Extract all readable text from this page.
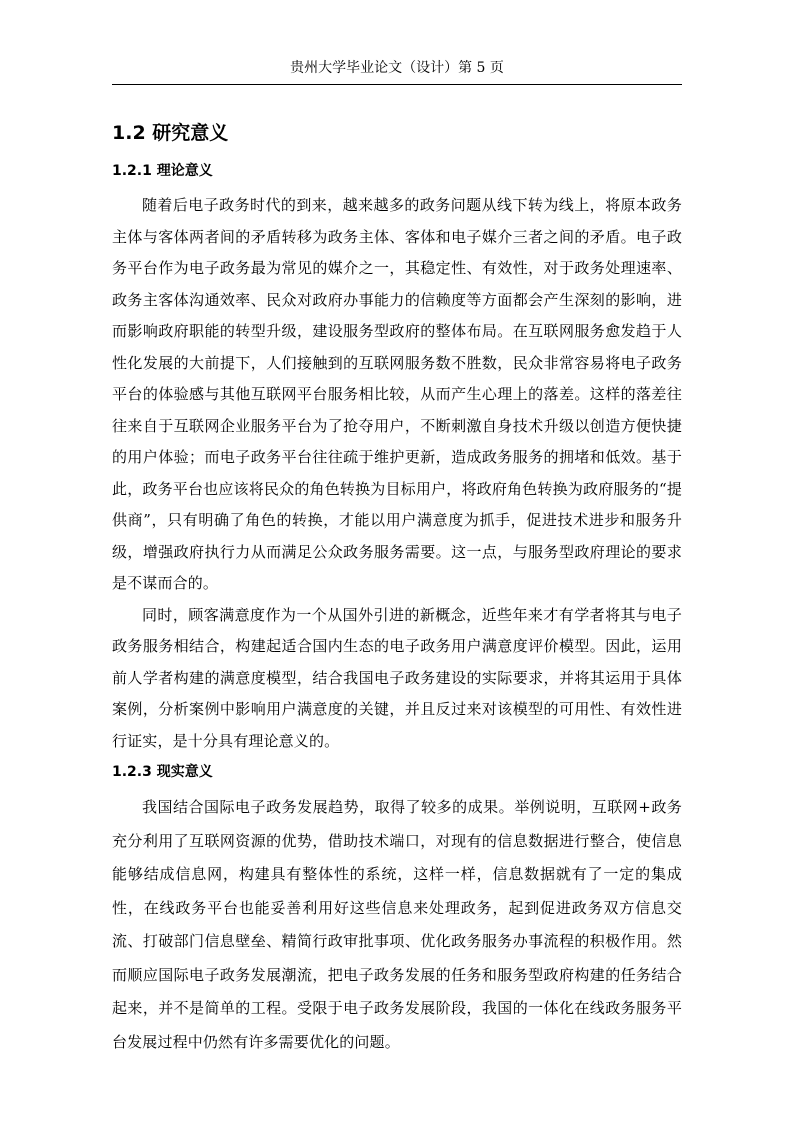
贵州大学毕业论文（设计）第 5 页
1.2 研究意义
1.2.1 理论意义

随着后电子政务时代的到来，越来越多的政务问题从线下转为线上，将原本政务主体与客体两者间的矛盾转移为政务主体、客体和电子媒介三者之间的矛盾。电子政务平台作为电子政务最为常见的媒介之一，其稳定性、有效性，对于政务处理速率、政务主客体沟通效率、民众对政府办事能力的信赖度等方面都会产生深刻的影响，进而影响政府职能的转型升级，建设服务型政府的整体布局。在互联网服务愈发趋于人性化发展的大前提下，人们接触到的互联网服务数不胜数，民众非常容易将电子政务平台的体验感与其他互联网平台服务相比较，从而产生心理上的落差。这样的落差往往来自于互联网企业服务平台为了抢夺用户，不断刺激自身技术升级以创造方便快捷的用户体验；而电子政务平台往往疏于维护更新，造成政务服务的拥堵和低效。基于此，政务平台也应该将民众的角色转换为目标用户，将政府角色转换为政府服务的“提供商”，只有明确了角色的转换，才能以用户满意度为抓手，促进技术进步和服务升级，增强政府执行力从而满足公众政务服务需要。这一点，与服务型政府理论的要求是不谋而合的。

同时，顾客满意度作为一个从国外引进的新概念，近些年来才有学者将其与电子政务服务相结合，构建起适合国内生态的电子政务用户满意度评价模型。因此，运用前人学者构建的满意度模型，结合我国电子政务建设的实际要求，并将其运用于具体案例，分析案例中影响用户满意度的关键，并且反过来对该模型的可用性、有效性进行证实，是十分具有理论意义的。

1.2.3 现实意义

我国结合国际电子政务发展趋势，取得了较多的成果。举例说明，互联网+政务充分利用了互联网资源的优势，借助技术端口，对现有的信息数据进行整合，使信息能够结成信息网，构建具有整体性的系统，这样一样，信息数据就有了一定的集成性，在线政务平台也能妥善利用好这些信息来处理政务，起到促进政务双方信息交流、打破部门信息壁垒、精简行政审批事项、优化政务服务办事流程的积极作用。然而顺应国际电子政务发展潮流，把电子政务发展的任务和服务型政府构建的任务结合起来，并不是简单的工程。受限于电子政务发展阶段，我国的一体化在线政务服务平台发展过程中仍然有许多需要优化的问题。
